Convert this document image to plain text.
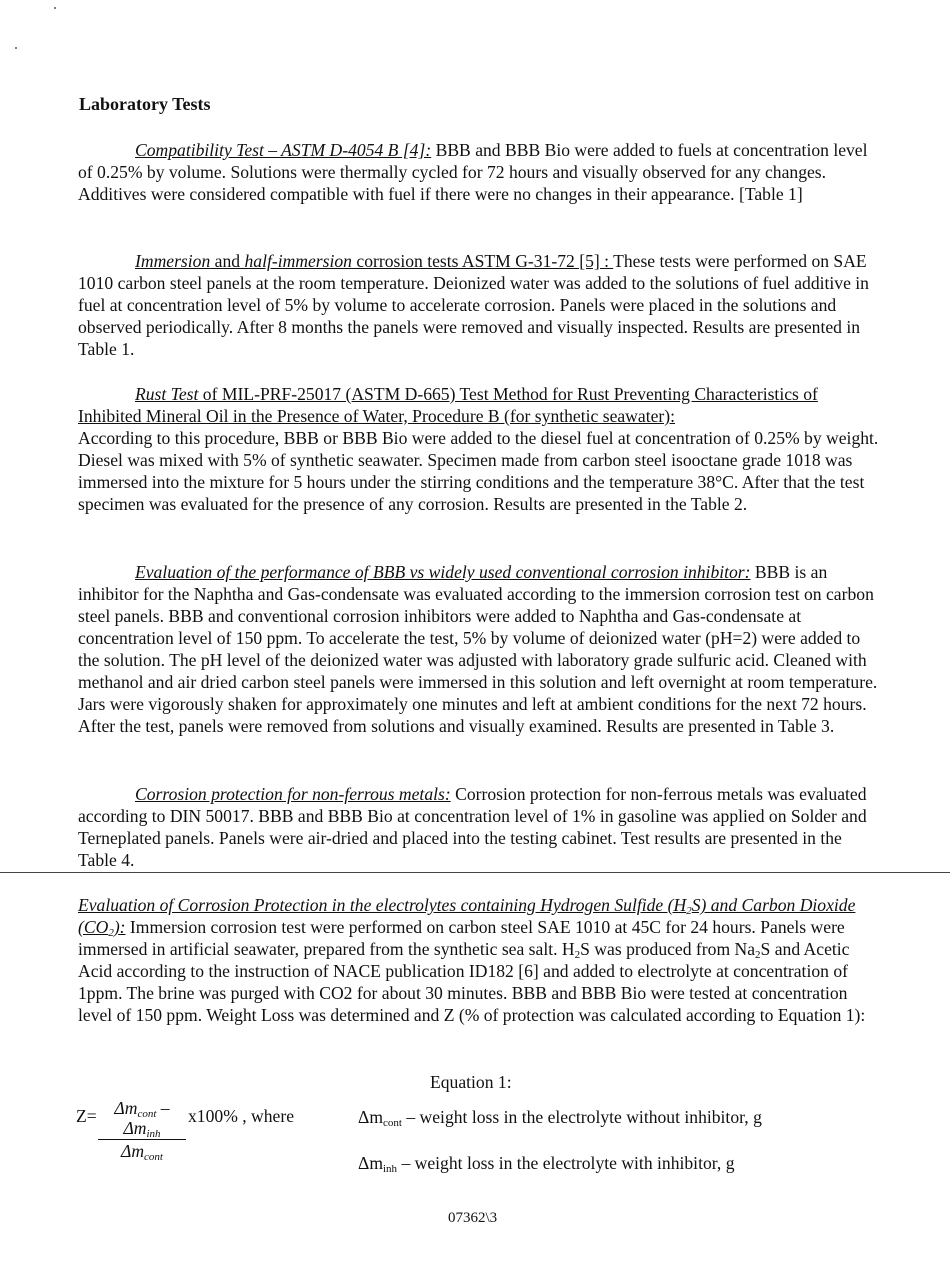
Laboratory Tests

Compatibility Test – ASTM D-4054 B [4]: BBB and BBB Bio were added to fuels at concentration level of 0.25% by volume. Solutions were thermally cycled for 72 hours and visually observed for any changes. Additives were considered compatible with fuel if there were no changes in their appearance. [Table 1]

Immersion and half-immersion corrosion tests ASTM G-31-72 [5] : These tests were performed on SAE 1010 carbon steel panels at the room temperature. Deionized water was added to the solutions of fuel additive in fuel at concentration level of 5% by volume to accelerate corrosion. Panels were placed in the solutions and observed periodically. After 8 months the panels were removed and visually inspected. Results are presented in Table 1.

Rust Test of MIL-PRF-25017 (ASTM D-665) Test Method for Rust Preventing Characteristics of Inhibited Mineral Oil in the Presence of Water, Procedure B (for synthetic seawater):
According to this procedure, BBB or BBB Bio were added to the diesel fuel at concentration of 0.25% by weight. Diesel was mixed with 5% of synthetic seawater. Specimen made from carbon steel isooctane grade 1018 was immersed into the mixture for 5 hours under the stirring conditions and the temperature 38°C. After that the test specimen was evaluated for the presence of any corrosion. Results are presented in the Table 2.

Evaluation of the performance of BBB vs widely used conventional corrosion inhibitor: BBB is an inhibitor for the Naphtha and Gas-condensate was evaluated according to the immersion corrosion test on carbon steel panels. BBB and conventional corrosion inhibitors were added to Naphtha and Gas-condensate at concentration level of 150 ppm. To accelerate the test, 5% by volume of deionized water (pH=2) were added to the solution. The pH level of the deionized water was adjusted with laboratory grade sulfuric acid. Cleaned with methanol and air dried carbon steel panels were immersed in this solution and left overnight at room temperature. Jars were vigorously shaken for approximately one minutes and left at ambient conditions for the next 72 hours. After the test, panels were removed from solutions and visually examined. Results are presented in Table 3.

Corrosion protection for non-ferrous metals: Corrosion protection for non-ferrous metals was evaluated according to DIN 50017. BBB and BBB Bio at concentration level of 1% in gasoline was applied on Solder and Terneplated panels. Panels were air-dried and placed into the testing cabinet. Test results are presented in the Table 4.

Evaluation of Corrosion Protection in the electrolytes containing Hydrogen Sulfide $(H_2S)$ and Carbon Dioxide $(CO_2)$: Immersion corrosion test were performed on carbon steel SAE 1010 at 45C for 24 hours. Panels were immersed in artificial seawater, prepared from the synthetic sea salt. $H_2S$ was produced from $Na_2S$ and Acetic Acid according to the instruction of NACE publication ID182 [6] and added to electrolyte at concentration of 1ppm. The brine was purged with CO2 for about 30 minutes. BBB and BBB Bio were tested at concentration level of 150 ppm. Weight Loss was determined and Z (% of protection was calculated according to Equation 1):

Equation 1:
Z=	$\Delta m_{cont} - \Delta m_{inh}$
$\Delta m_{cont}$
x100% , where	$\Delta m_{cont}$ – weight loss in the electrolyte without inhibitor, g
$\Delta m_{inh}$ – weight loss in the electrolyte with inhibitor, g
07362\3
